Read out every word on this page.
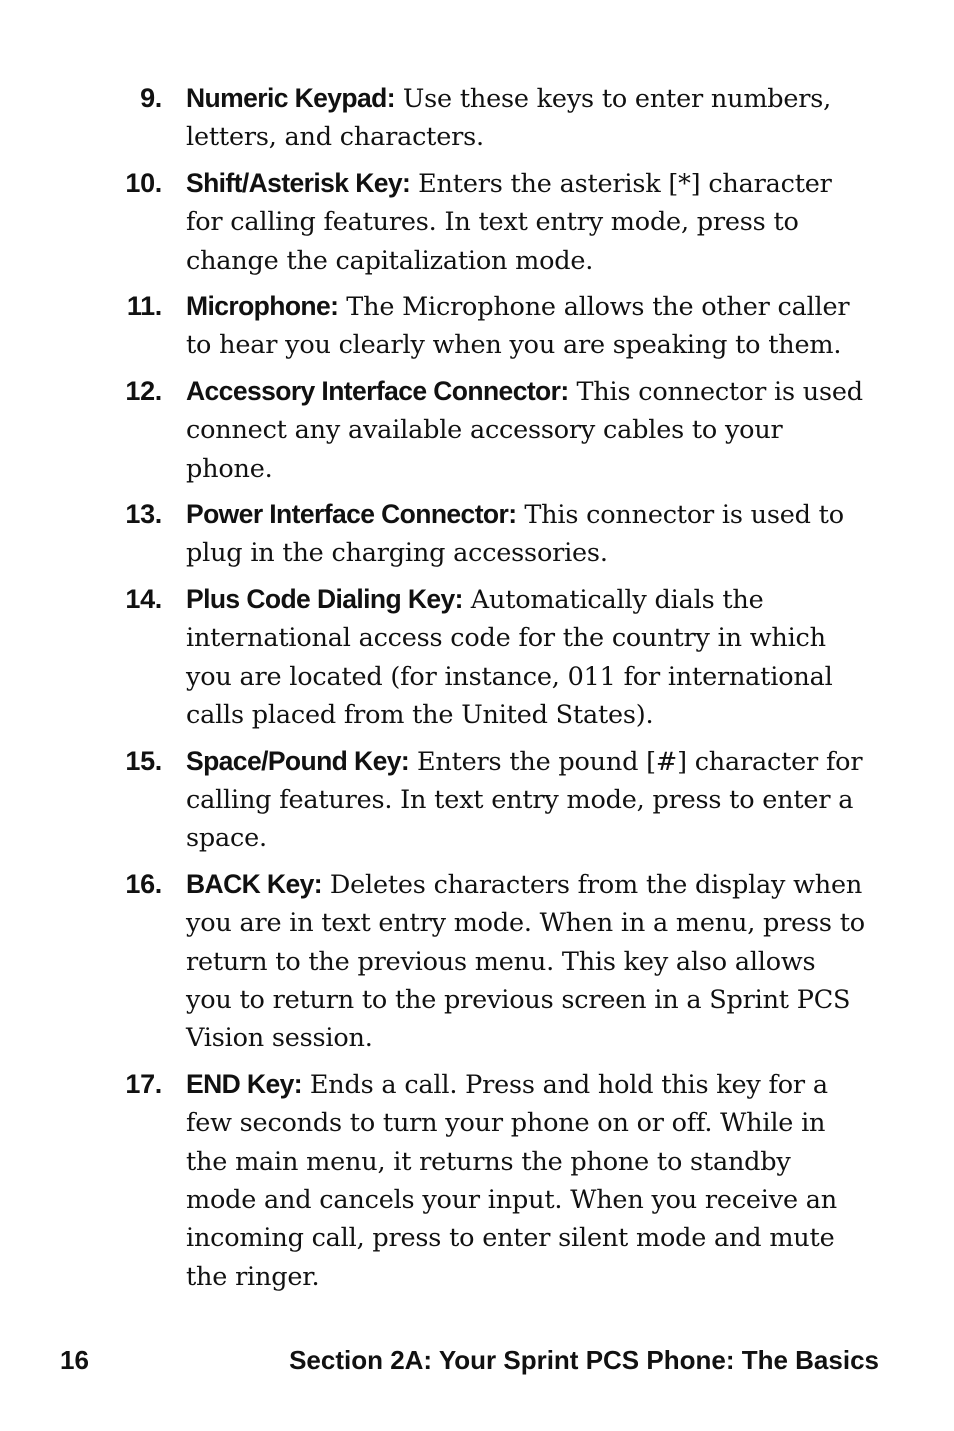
9. Numeric Keypad: Use these keys to enter numbers, letters, and characters.
10. Shift/Asterisk Key: Enters the asterisk [*] character for calling features. In text entry mode, press to change the capitalization mode.
11. Microphone: The Microphone allows the other caller to hear you clearly when you are speaking to them.
12. Accessory Interface Connector: This connector is used connect any available accessory cables to your phone.
13. Power Interface Connector: This connector is used to plug in the charging accessories.
14. Plus Code Dialing Key: Automatically dials the international access code for the country in which you are located (for instance, 011 for international calls placed from the United States).
15. Space/Pound Key: Enters the pound [#] character for calling features. In text entry mode, press to enter a space.
16. BACK Key: Deletes characters from the display when you are in text entry mode. When in a menu, press to return to the previous menu. This key also allows you to return to the previous screen in a Sprint PCS Vision session.
17. END Key: Ends a call. Press and hold this key for a few seconds to turn your phone on or off. While in the main menu, it returns the phone to standby mode and cancels your input. When you receive an incoming call, press to enter silent mode and mute the ringer.
16	Section 2A: Your Sprint PCS Phone: The Basics
